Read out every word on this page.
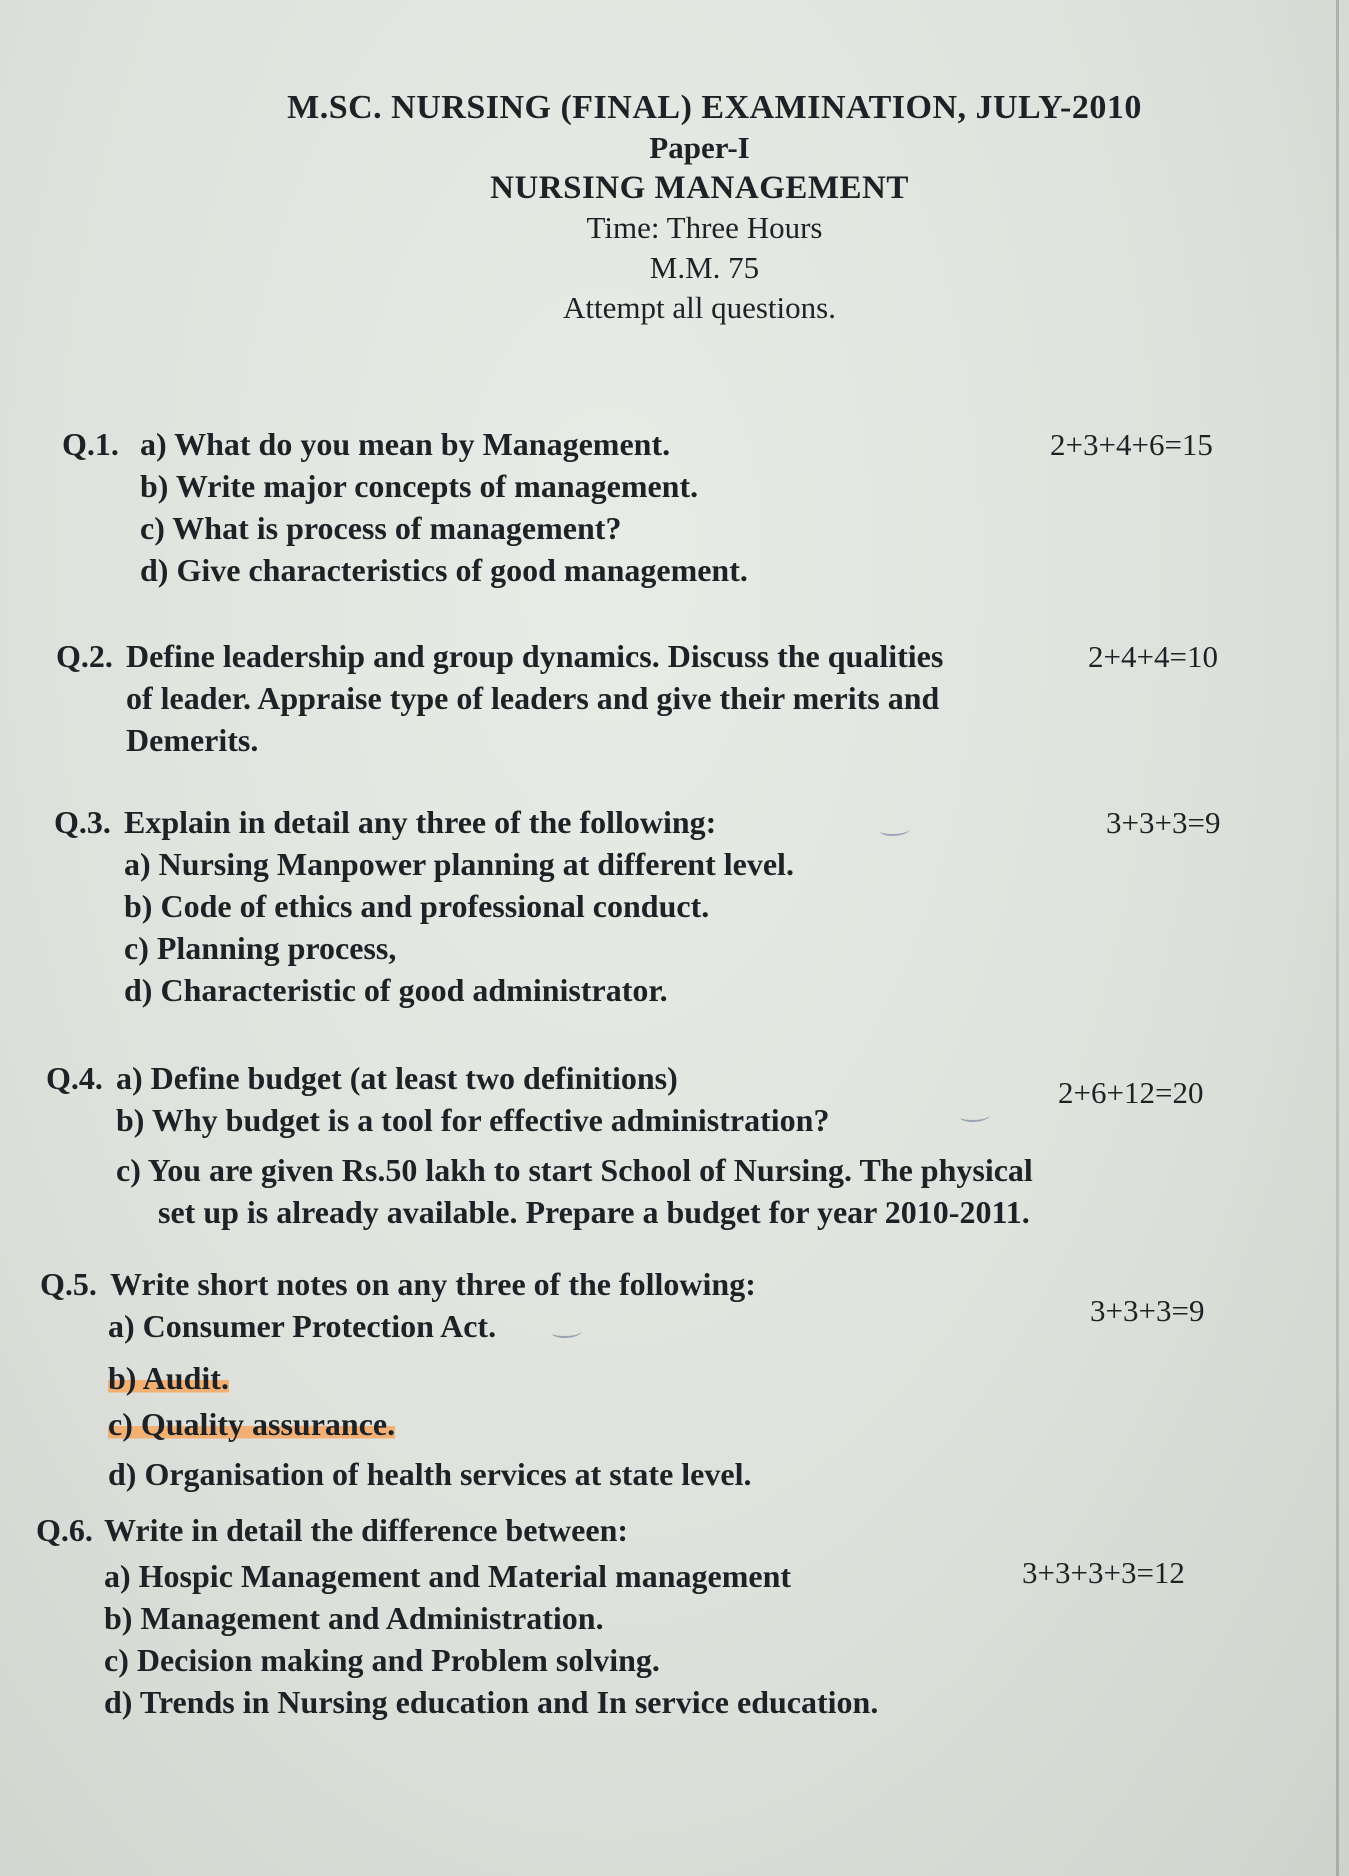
M.SC. NURSING (FINAL) EXAMINATION, JULY-2010
Paper-I
NURSING MANAGEMENT
Time: Three Hours
M.M. 75
Attempt all questions.
Q.1.	2+3+4+6=15
a) What do you mean by Management.
b) Write major concepts of management.
c) What is process of management?
d) Give characteristics of good management.
Q.2.	2+4+4=10
Define leadership and group dynamics. Discuss the qualities
of leader. Appraise type of leaders and give their merits and
Demerits.
Q.3. Explain in detail any three of the following:	3+3+3=9
a) Nursing Manpower planning at different level.
b) Code of ethics and professional conduct.
c) Planning process,
d) Characteristic of good administrator.
Q.4.	2+6+12=20
a) Define budget (at least two definitions)
b) Why budget is a tool for effective administration?
c) You are given Rs.50 lakh to start School of Nursing. The physical
set up is already available. Prepare a budget for year 2010-2011.
Q.5. Write short notes on any three of the following:
3+3+3=9
a) Consumer Protection Act.
b) Audit.
c) Quality assurance.
d) Organisation of health services at state level.
Q.6. Write in detail the difference between:
3+3+3+3=12
a) Hospic Management and Material management
b) Management and Administration.
c) Decision making and Problem solving.
d) Trends in Nursing education and In service education.
